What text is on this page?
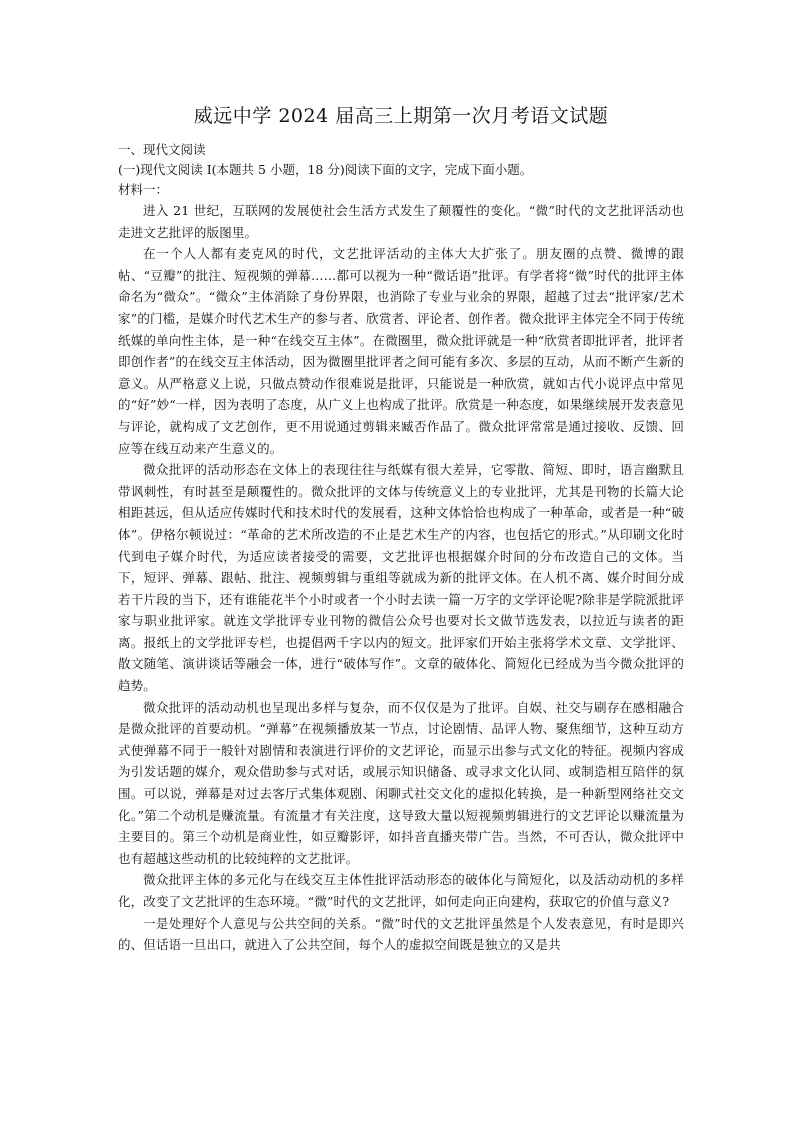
威远中学 2024 届高三上期第一次月考语文试题

一、现代文阅读

(一)现代文阅读 I(本题共 5 小题，18 分)阅读下面的文字，完成下面小题。

材料一：

进入 21 世纪，互联网的发展使社会生活方式发生了颠覆性的变化。“微”时代的文艺批评活动也走进文艺批评的版图里。

在一个人人都有麦克风的时代，文艺批评活动的主体大大扩张了。朋友圈的点赞、微博的跟帖、“豆瓣”的批注、短视频的弹幕……都可以视为一种“微话语”批评。有学者将“微”时代的批评主体命名为“微众”。“微众”主体消除了身份界限，也消除了专业与业余的界限，超越了过去“批评家/艺术家”的门槛，是媒介时代艺术生产的参与者、欣赏者、评论者、创作者。微众批评主体完全不同于传统纸媒的单向性主体，是一种“在线交互主体”。在微圈里，微众批评就是一种“欣赏者即批评者，批评者即创作者”的在线交互主体活动，因为微圈里批评者之间可能有多次、多层的互动，从而不断产生新的意义。从严格意义上说，只做点赞动作很难说是批评，只能说是一种欣赏，就如古代小说评点中常见的“好”妙“一样，因为表明了态度，从广义上也构成了批评。欣赏是一种态度，如果继续展开发表意见与评论，就构成了文艺创作，更不用说通过剪辑来臧否作品了。微众批评常常是通过接收、反馈、回应等在线互动来产生意义的。

微众批评的活动形态在文体上的表现往往与纸媒有很大差异，它零散、简短、即时，语言幽默且带讽刺性，有时甚至是颠覆性的。微众批评的文体与传统意义上的专业批评，尤其是刊物的长篇大论相距甚远，但从适应传媒时代和技术时代的发展看，这种文体恰恰也构成了一种革命，或者是一种“破体”。伊格尔顿说过：“革命的艺术所改造的不止是艺术生产的内容，也包括它的形式。”从印刷文化时代到电子媒介时代，为适应读者接受的需要，文艺批评也根据媒介时间的分布改造自己的文体。当下，短评、弹幕、跟帖、批注、视频剪辑与重组等就成为新的批评文体。在人机不离、媒介时间分成若干片段的当下，还有谁能花半个小时或者一个小时去读一篇一万字的文学评论呢?除非是学院派批评家与职业批评家。就连文学批评专业刊物的微信公众号也要对长文做节选发表，以拉近与读者的距离。报纸上的文学批评专栏，也提倡两千字以内的短文。批评家们开始主张将学术文章、文学批评、散文随笔、演讲谈话等融会一体，进行“破体写作”。文章的破体化、简短化已经成为当今微众批评的趋势。

微众批评的活动动机也呈现出多样与复杂，而不仅仅是为了批评。自娱、社交与刷存在感相融合是微众批评的首要动机。“弹幕”在视频播放某一节点，讨论剧情、品评人物、聚焦细节，这种互动方式使弹幕不同于一般针对剧情和表演进行评价的文艺评论，而显示出参与式文化的特征。视频内容成为引发话题的媒介，观众借助参与式对话，或展示知识储备、或寻求文化认同、或制造相互陪伴的氛围。可以说，弹幕是对过去客厅式集体观剧、闲聊式社交文化的虚拟化转换，是一种新型网络社交文化。”第二个动机是赚流量。有流量才有关注度，这导致大量以短视频剪辑进行的文艺评论以赚流量为主要目的。第三个动机是商业性，如豆瓣影评，如抖音直播夹带广告。当然，不可否认，微众批评中也有超越这些动机的比较纯粹的文艺批评。

微众批评主体的多元化与在线交互主体性批评活动形态的破体化与简短化，以及活动动机的多样化，改变了文艺批评的生态环境。“微”时代的文艺批评，如何走向正向建构，获取它的价值与意义?

一是处理好个人意见与公共空间的关系。“微”时代的文艺批评虽然是个人发表意见，有时是即兴的、但话语一旦出口，就进入了公共空间，每个人的虚拟空间既是独立的又是共
